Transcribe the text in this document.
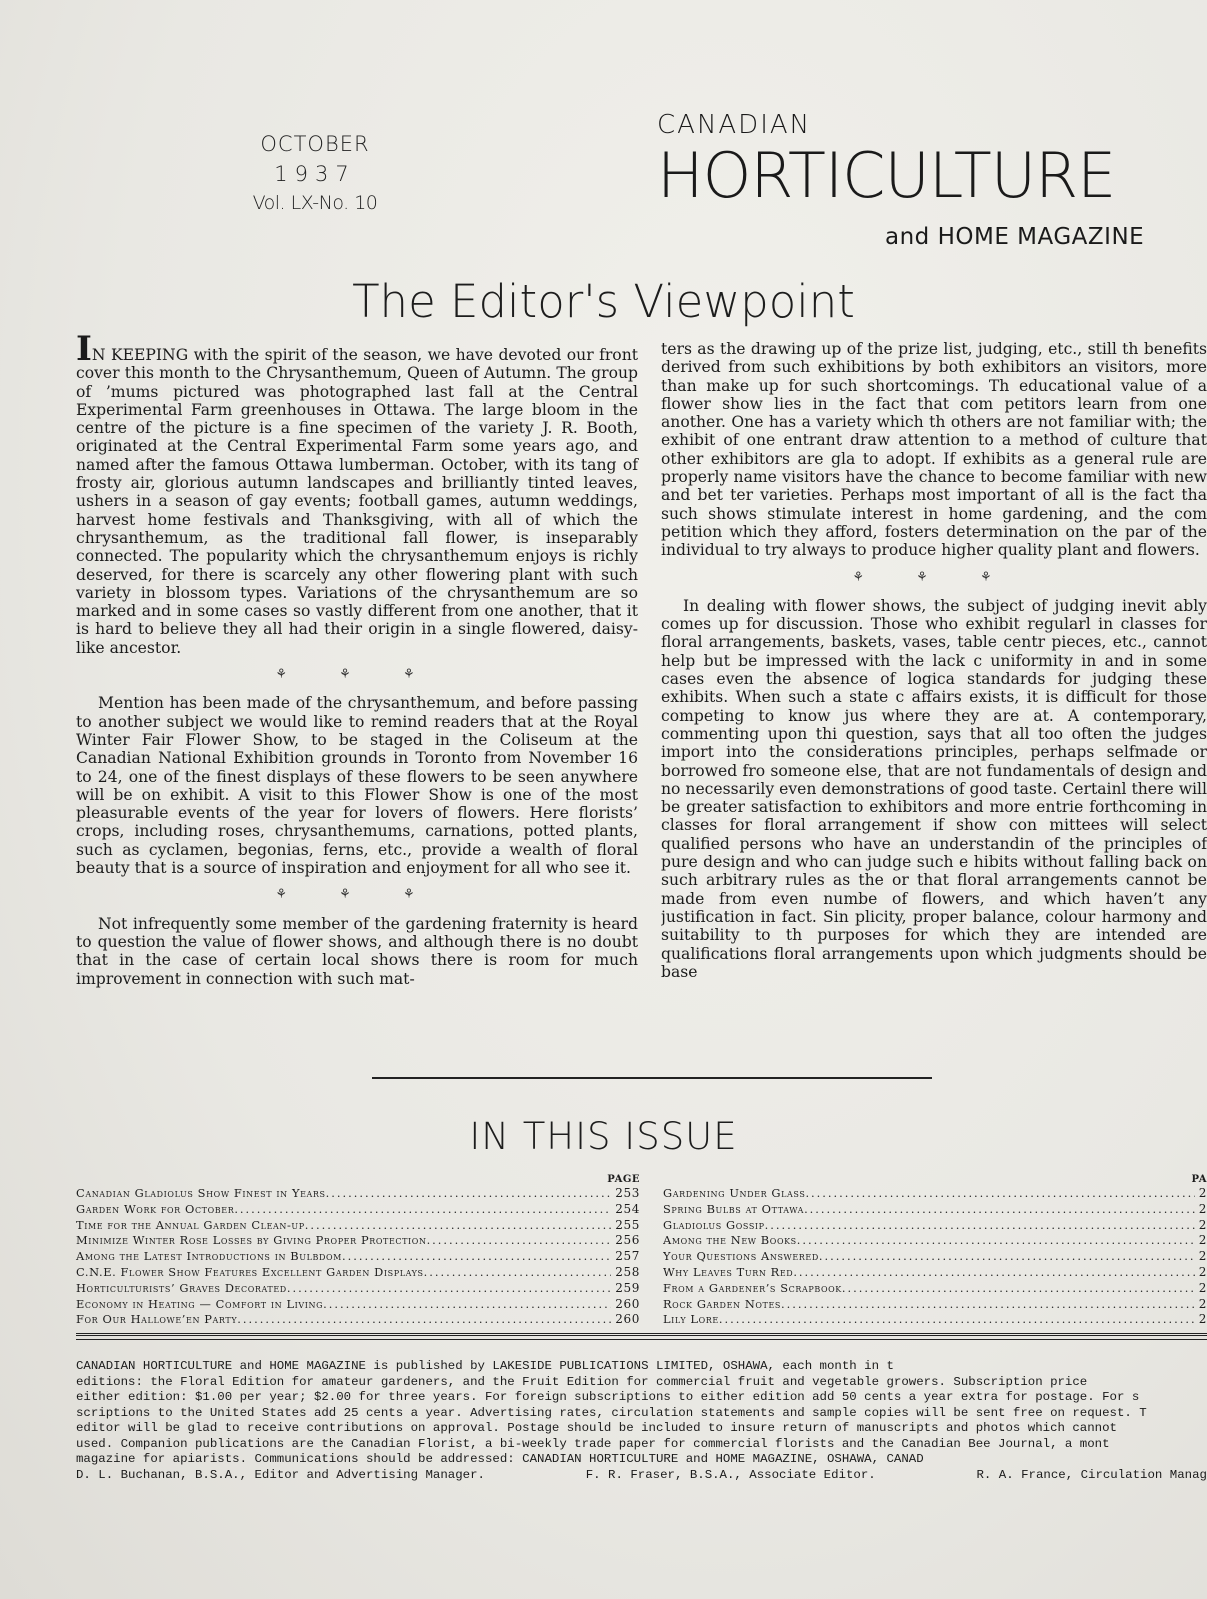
OCTOBER
1937
Vol. LX-No. 10
CANADIAN
HORTICULTURE
and HOME MAGAZINE
The Editor's Viewpoint

IN KEEPING with the spirit of the season, we have devoted our front cover this month to the Chrysanthemum, Queen of Autumn. The group of ’mums pictured was photographed last fall at the Central Experimental Farm greenhouses in Ottawa. The large bloom in the centre of the picture is a fine specimen of the variety J. R. Booth, originated at the Central Experimental Farm some years ago, and named after the famous Ottawa lumberman. October, with its tang of frosty air, glorious autumn landscapes and brilliantly tinted leaves, ushers in a season of gay events; football games, autumn weddings, harvest home festivals and Thanksgiving, with all of which the chrysanthemum, as the traditional fall flower, is inseparably connected. The popularity which the chrysanthemum enjoys is richly deserved, for there is scarcely any other flowering plant with such variety in blossom types. Variations of the chrysanthemum are so marked and in some cases so vastly different from one another, that it is hard to believe they all had their origin in a single flowered, daisy-like ancestor.

⚘ ⚘ ⚘

Mention has been made of the chrysanthemum, and before passing to another subject we would like to remind readers that at the Royal Winter Fair Flower Show, to be staged in the Coliseum at the Canadian National Exhibition grounds in Toronto from November 16 to 24, one of the finest displays of these flowers to be seen anywhere will be on exhibit. A visit to this Flower Show is one of the most pleasurable events of the year for lovers of flowers. Here florists’ crops, including roses, chrysanthemums, carnations, potted plants, such as cyclamen, begonias, ferns, etc., provide a wealth of floral beauty that is a source of inspiration and enjoyment for all who see it.

⚘ ⚘ ⚘

Not infrequently some member of the gardening fraternity is heard to question the value of flower shows, and although there is no doubt that in the case of certain local shows there is room for much improvement in connection with such mat-

ters as the drawing up of the prize list, judging, etc., still th benefits derived from such exhibitions by both exhibitors an visitors, more than make up for such shortcomings. Th educational value of a flower show lies in the fact that com petitors learn from one another. One has a variety which th others are not familiar with; the exhibit of one entrant draw attention to a method of culture that other exhibitors are gla to adopt. If exhibits as a general rule are properly name visitors have the chance to become familiar with new and bet ter varieties. Perhaps most important of all is the fact tha such shows stimulate interest in home gardening, and the com petition which they afford, fosters determination on the par of the individual to try always to produce higher quality plant and flowers.

⚘ ⚘ ⚘

In dealing with flower shows, the subject of judging inevit ably comes up for discussion. Those who exhibit regularl in classes for floral arrangements, baskets, vases, table centr pieces, etc., cannot help but be impressed with the lack c uniformity in and in some cases even the absence of logica standards for judging these exhibits. When such a state c affairs exists, it is difficult for those competing to know jus where they are at. A contemporary, commenting upon thi question, says that all too often the judges import into the considerations principles, perhaps selfmade or borrowed fro someone else, that are not fundamentals of design and no necessarily even demonstrations of good taste. Certainl there will be greater satisfaction to exhibitors and more entrie forthcoming in classes for floral arrangement if show con mittees will select qualified persons who have an understandin of the principles of pure design and who can judge such e hibits without falling back on such arbitrary rules as the or that floral arrangements cannot be made from even numbe of flowers, and which haven’t any justification in fact. Sin plicity, proper balance, colour harmony and suitability to th purposes for which they are intended are qualifications floral arrangements upon which judgments should be base

IN THIS ISSUE
PAGE
Canadian Gladiolus Show Finest in Years .....	253
Garden Work for October .....	254
Time for the Annual Garden Clean-up .....	255
Minimize Winter Rose Losses by Giving Proper Protection .....	256
Among the Latest Introductions in Bulbdom .....	257
C.N.E. Flower Show Features Excellent Garden Displays .....	258
Horticulturists’ Graves Decorated .....	259
Economy in Heating — Comfort in Living .....	260
For Our Hallowe’en Party .....	260
PA
Gardening Under Glass .....	2
Spring Bulbs at Ottawa .....	2
Gladiolus Gossip .....	2
Among the New Books .....	2
Your Questions Answered .....	2
Why Leaves Turn Red .....	2
From a Gardener’s Scrapbook .....	2
Rock Garden Notes .....	2
Lily Lore .....	2
CANADIAN HORTICULTURE and HOME MAGAZINE is published by LAKESIDE PUBLICATIONS LIMITED, OSHAWA, each month in t
editions: the Floral Edition for amateur gardeners, and the Fruit Edition for commercial fruit and vegetable growers. Subscription price
either edition: $1.00 per year; $2.00 for three years. For foreign subscriptions to either edition add 50 cents a year extra for postage. For s
scriptions to the United States add 25 cents a year. Advertising rates, circulation statements and sample copies will be sent free on request. T
editor will be glad to receive contributions on approval. Postage should be included to insure return of manuscripts and photos which cannot
used. Companion publications are the Canadian Florist, a bi-weekly trade paper for commercial florists and the Canadian Bee Journal, a mont
magazine for apiarists. Communications should be addressed: CANADIAN HORTICULTURE and HOME MAGAZINE, OSHAWA, CANAD
D. L. Buchanan, B.S.A., Editor and Advertising Manager.	F. R. Fraser, B.S.A., Associate Editor.	R. A. France, Circulation Manag
